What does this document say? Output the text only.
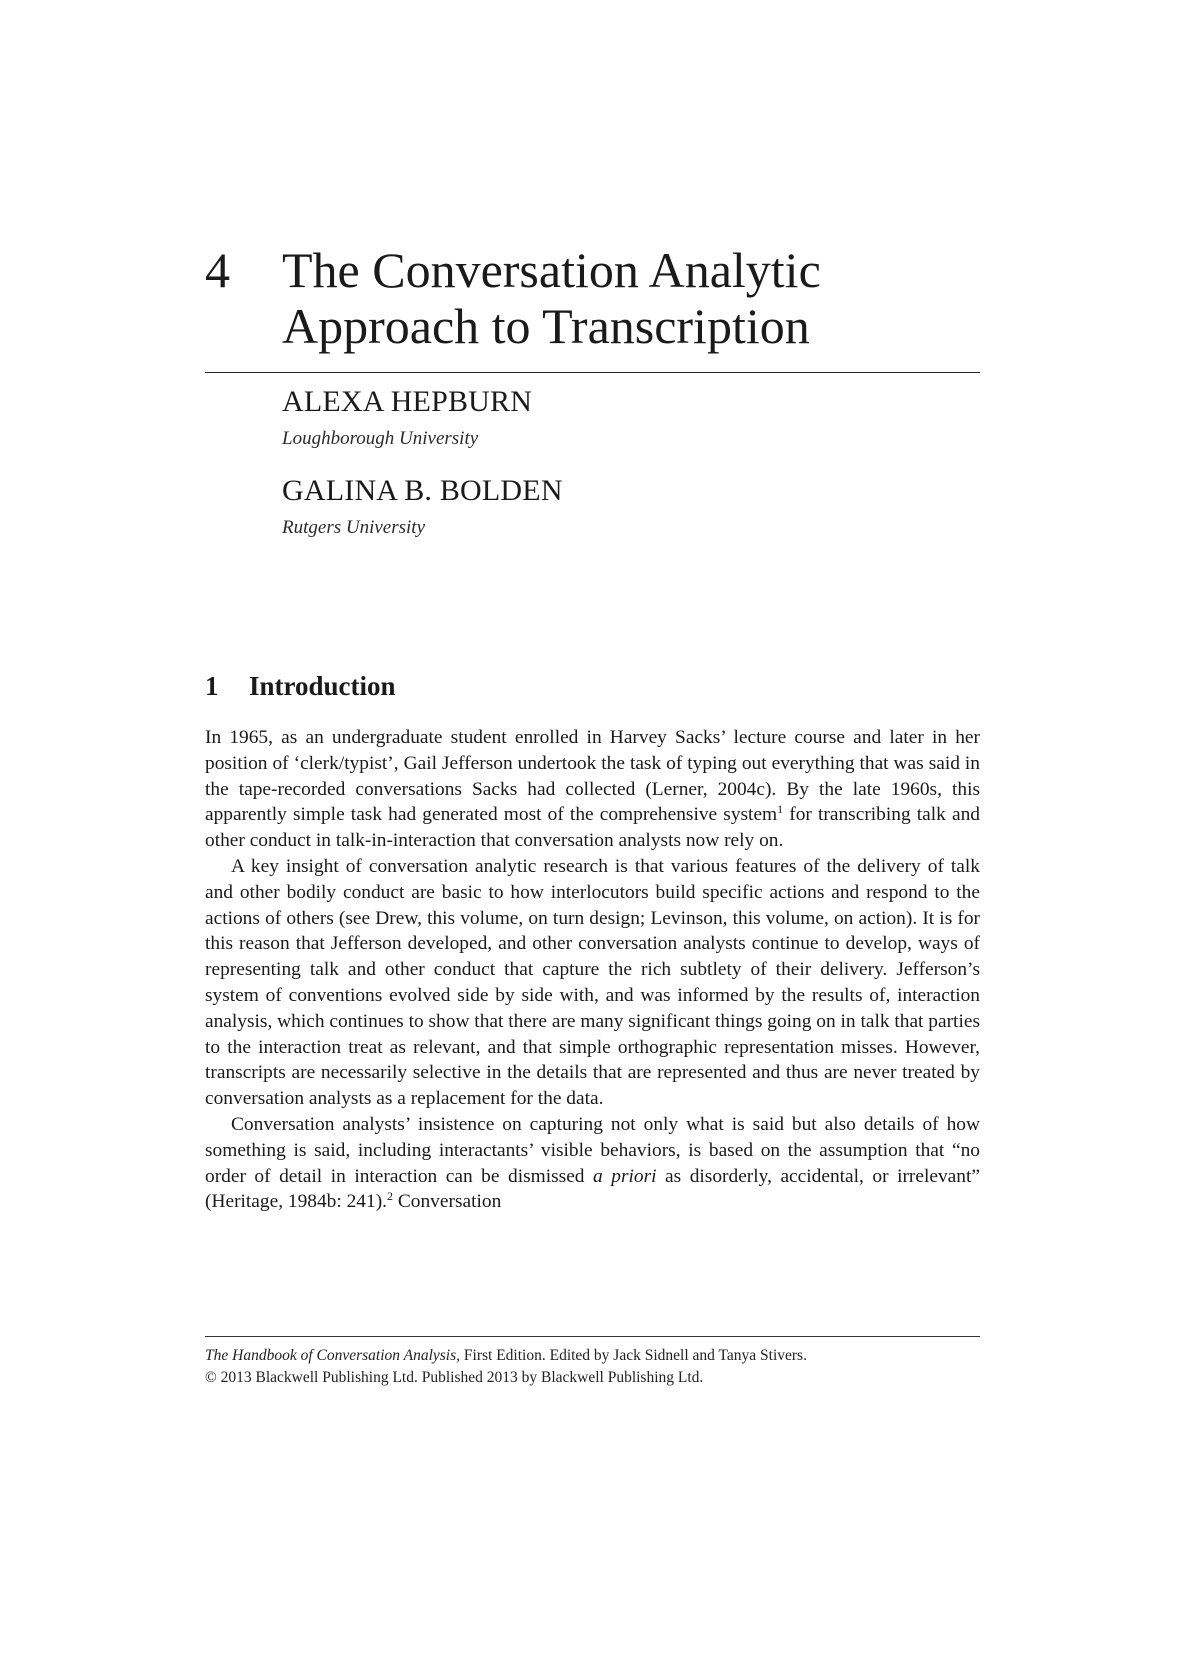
4 The Conversation Analytic
Approach to Transcription
ALEXA HEPBURN
Loughborough University
GALINA B. BOLDEN
Rutgers University
1 Introduction

In 1965, as an undergraduate student enrolled in Harvey Sacks’ lecture course and later in her position of ‘clerk/typist’, Gail Jefferson undertook the task of typing out everything that was said in the tape-recorded conversations Sacks had collected (Lerner, 2004c). By the late 1960s, this apparently simple task had generated most of the comprehensive system$^1$ for transcribing talk and other conduct in talk-in-interaction that conversation analysts now rely on.

A key insight of conversation analytic research is that various features of the delivery of talk and other bodily conduct are basic to how interlocutors build specific actions and respond to the actions of others (see Drew, this volume, on turn design; Levinson, this volume, on action). It is for this reason that Jefferson developed, and other conversation analysts continue to develop, ways of representing talk and other conduct that capture the rich subtlety of their delivery. Jefferson’s system of conventions evolved side by side with, and was informed by the results of, interaction analysis, which continues to show that there are many significant things going on in talk that parties to the interaction treat as relevant, and that simple orthographic representation misses. However, transcripts are necessarily selective in the details that are represented and thus are never treated by conversation analysts as a replacement for the data.

Conversation analysts’ insistence on capturing not only what is said but also details of how something is said, including interactants’ visible behaviors, is based on the assumption that “no order of detail in interaction can be dismissed a priori as disorderly, accidental, or irrelevant” (Heritage, 1984b: 241).$^2$ Conversation

The Handbook of Conversation Analysis, First Edition. Edited by Jack Sidnell and Tanya Stivers.
© 2013 Blackwell Publishing Ltd. Published 2013 by Blackwell Publishing Ltd.
